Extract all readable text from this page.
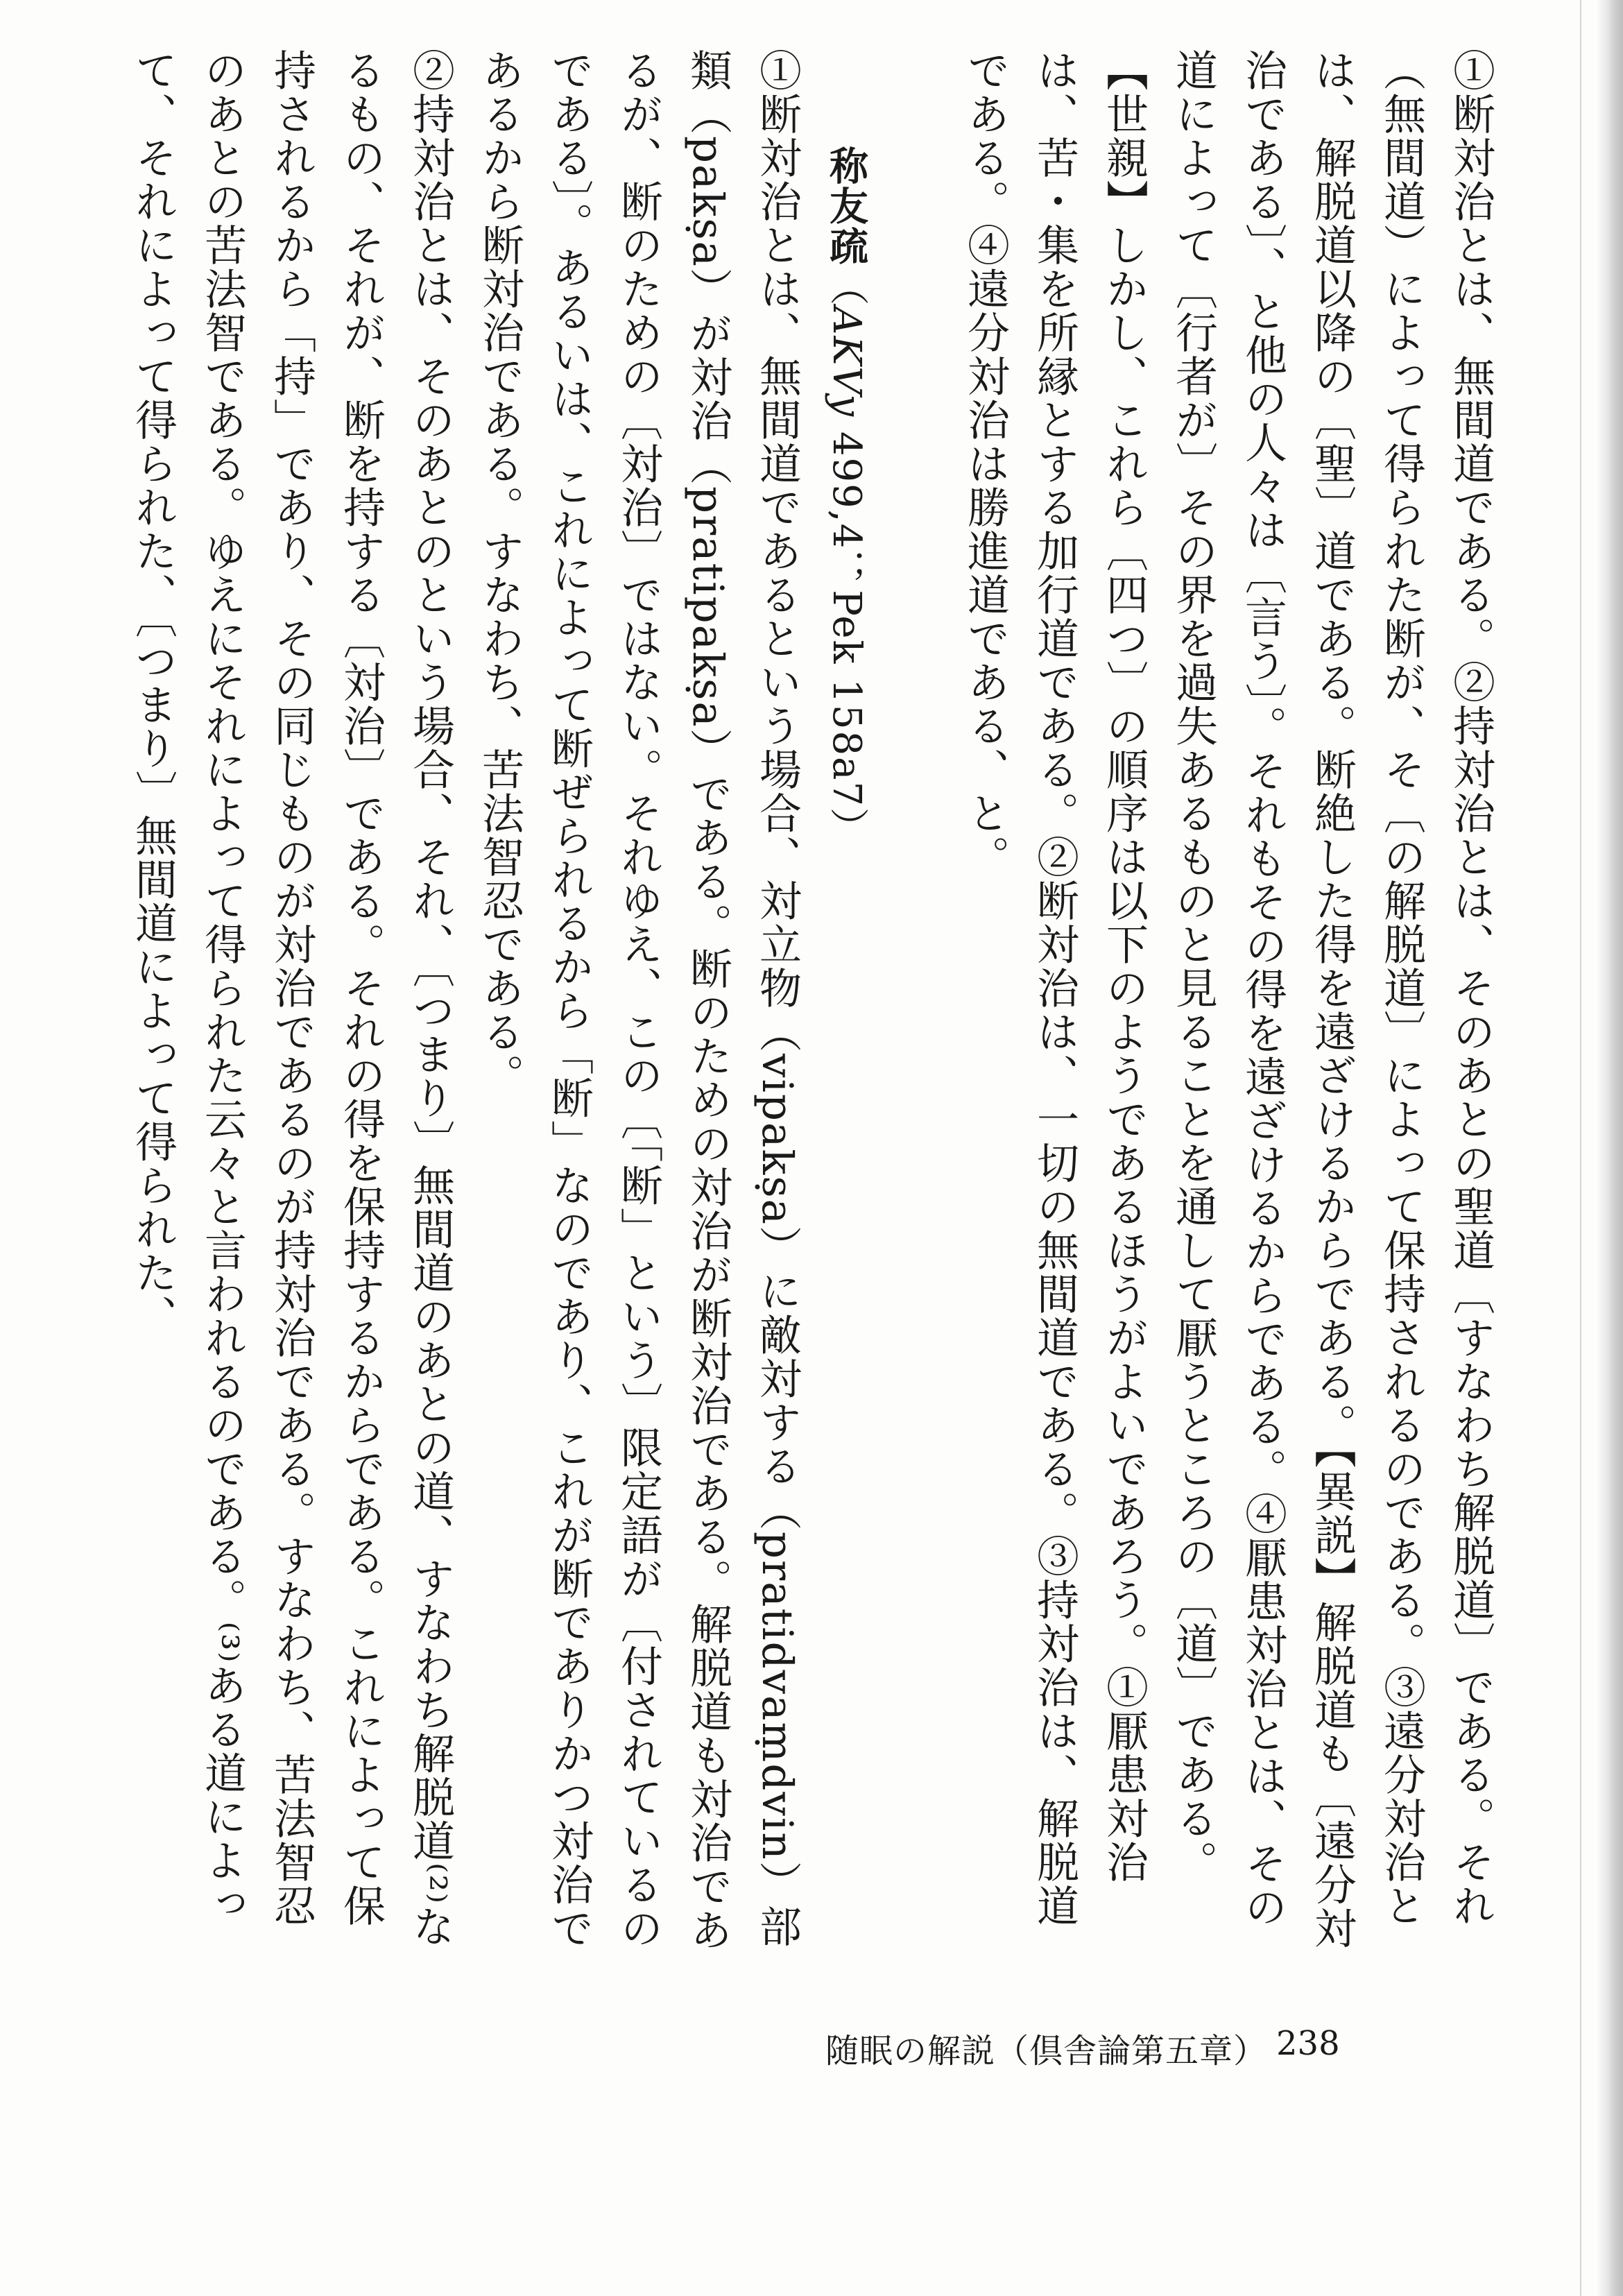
①断対治とは、無間道である。②持対治とは、そのあとの聖道〔すなわち解脱道〕である。それ（無間道）によって得られた断が、そ〔の解脱道〕によって保持されるのである。③遠分対治とは、解脱道以降の〔聖〕道である。断絶した得を遠ざけるからである。【異説】解脱道も〔遠分対治である〕、と他の人々は〔言う〕。それもその得を遠ざけるからである。④厭患対治とは、その道によって〔行者が〕その界を過失あるものと見ることを通して厭うところの〔道〕である。

【世親】しかし、これら〔四つ〕の順序は以下のようであるほうがよいであろう。①厭患対治は、苦・集を所縁とする加行道である。②断対治は、一切の無間道である。③持対治は、解脱道である。④遠分対治は勝進道である、と。

称友疏（AKVy 499,4；Pek 158a7）

①断対治とは、無間道であるという場合、対立物（vipakṣa）に敵対する（pratidvaṃdvin）部類（pakṣa）が対治（pratipakṣa）である。断のための対治が断対治である。解脱道も対治であるが、断のための〔対治〕ではない。それゆえ、この〔「断」という〕限定語が〔付されているのである〕。あるいは、これによって断ぜられるから「断」なのであり、これが断でありかつ対治であるから断対治である。すなわち、苦法智忍である。

②持対治とは、そのあとのという場合、それ、〔つまり〕無間道のあとの道、すなわち解脱道⁽²⁾なるもの、それが、断を持する〔対治〕である。それの得を保持するからである。これによって保持されるから「持」であり、その同じものが対治であるのが持対治である。すなわち、苦法智忍のあとの苦法智である。ゆえにそれによって得られた云々と言われるのである。⁽³⁾ある道によって、それによって得られた、〔つまり〕無間道によって得られた、

随眠の解説（倶舎論第五章） 238
